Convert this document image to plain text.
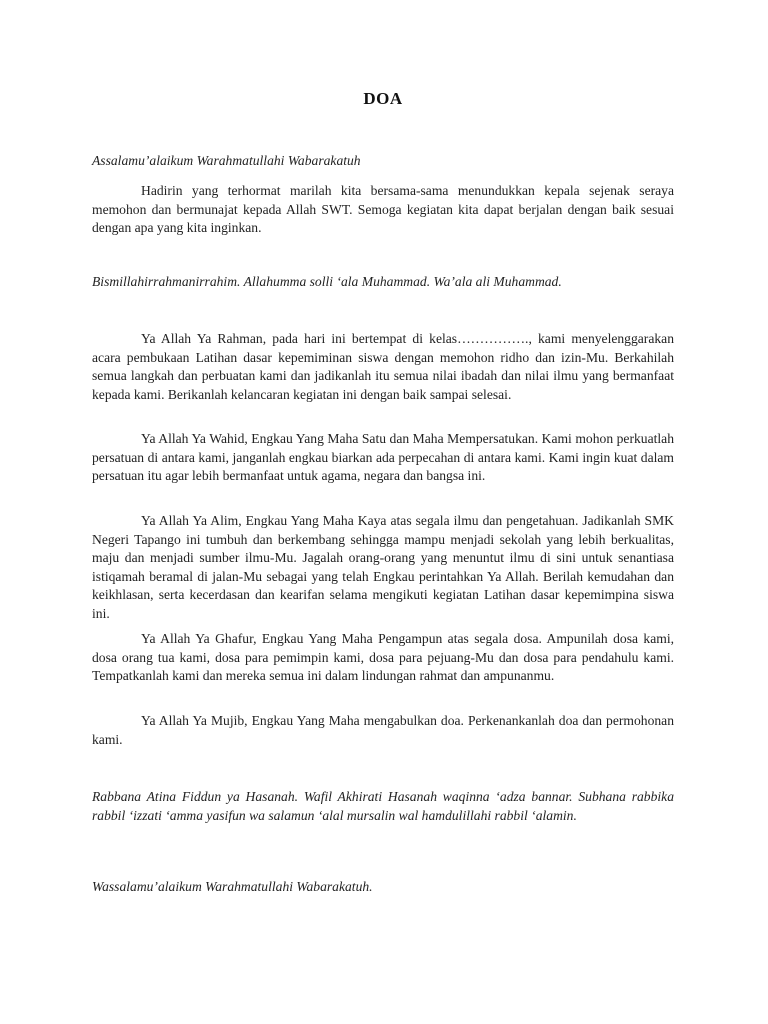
DOA
Assalamu’alaikum Warahmatullahi Wabarakatuh
Hadirin yang terhormat marilah kita bersama-sama menundukkan kepala sejenak seraya memohon dan bermunajat kepada Allah SWT. Semoga kegiatan kita dapat berjalan dengan baik sesuai dengan apa yang kita inginkan.
Bismillahirrahmanirrahim. Allahumma solli ‘ala Muhammad. Wa’ala ali Muhammad.
Ya Allah Ya Rahman, pada hari ini bertempat di kelas……………., kami menyelenggarakan acara pembukaan Latihan dasar kepemiminan siswa dengan memohon ridho dan izin-Mu. Berkahilah semua langkah dan perbuatan kami dan jadikanlah itu semua nilai ibadah dan nilai ilmu yang bermanfaat kepada kami. Berikanlah kelancaran kegiatan ini dengan baik sampai selesai.
Ya Allah Ya Wahid, Engkau Yang Maha Satu dan Maha Mempersatukan. Kami mohon perkuatlah persatuan di antara kami, janganlah engkau biarkan ada perpecahan di antara kami. Kami ingin kuat dalam persatuan itu agar lebih bermanfaat untuk agama, negara dan bangsa ini.
Ya Allah Ya Alim, Engkau Yang Maha Kaya atas segala ilmu dan pengetahuan. Jadikanlah SMK Negeri Tapango ini tumbuh dan berkembang sehingga mampu menjadi sekolah yang lebih berkualitas, maju dan menjadi sumber ilmu-Mu. Jagalah orang-orang yang menuntut ilmu di sini untuk senantiasa istiqamah beramal di jalan-Mu sebagai yang telah Engkau perintahkan Ya Allah. Berilah kemudahan dan keikhlasan, serta kecerdasan dan kearifan selama mengikuti kegiatan Latihan dasar kepemimpina siswa ini.
Ya Allah Ya Ghafur, Engkau Yang Maha Pengampun atas segala dosa. Ampunilah dosa kami, dosa orang tua kami, dosa para pemimpin kami, dosa para pejuang-Mu dan dosa para pendahulu kami. Tempatkanlah kami dan mereka semua ini dalam lindungan rahmat dan ampunanmu.
Ya Allah Ya Mujib, Engkau Yang Maha mengabulkan doa. Perkenankanlah doa dan permohonan kami.
Rabbana Atina Fiddun ya Hasanah. Wafil Akhirati Hasanah waqinna ‘adza bannar. Subhana rabbika rabbil ‘izzati ‘amma yasifun wa salamun ‘alal mursalin wal hamdulillahi rabbil ‘alamin.
Wassalamu’alaikum Warahmatullahi Wabarakatuh.
